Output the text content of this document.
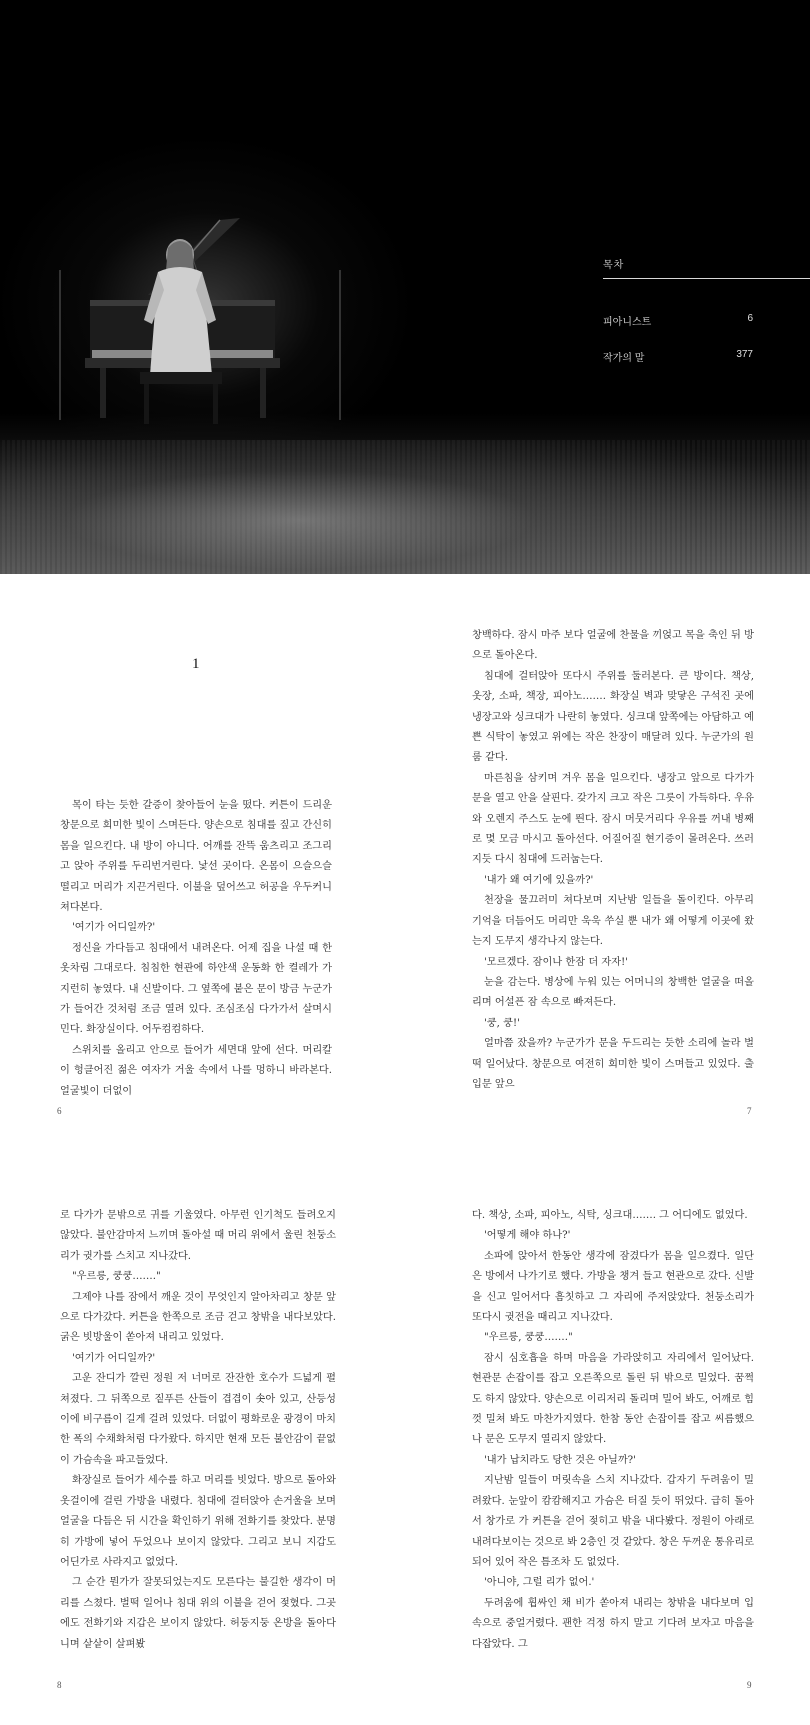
목차
피아니스트	6
작가의 말	377
1

목이 타는 듯한 갈증이 찾아들어 눈을 떴다. 커튼이 드리운 창문으로 희미한 빛이 스며든다. 양손으로 침대를 짚고 간신히 몸을 일으킨다. 내 방이 아니다. 어깨를 잔뜩 움츠리고 조그리고 앉아 주위를 두리번거린다. 낯선 곳이다. 온몸이 으슬으슬 떨리고 머리가 지끈거린다. 이불을 덮어쓰고 허공을 우두커니 쳐다본다.

'여기가 어디일까?'

정신을 가다듬고 침대에서 내려온다. 어제 집을 나설 때 한 옷차림 그대로다. 침침한 현관에 하얀색 운동화 한 켤레가 가지런히 놓였다. 내 신발이다. 그 옆쪽에 붙은 문이 방금 누군가가 들어간 것처럼 조금 열려 있다. 조심조심 다가가서 살며시 민다. 화장실이다. 어두컴컴하다.

스위치를 올리고 안으로 들어가 세면대 앞에 선다. 머리칼이 헝클어진 젊은 여자가 거울 속에서 나를 멍하니 바라본다. 얼굴빛이 더없이

6

창백하다. 잠시 마주 보다 얼굴에 찬물을 끼얹고 목을 축인 뒤 방으로 돌아온다.

침대에 걸터앉아 또다시 주위를 둘러본다. 큰 방이다. 책상, 옷장, 소파, 책장, 피아노……. 화장실 벽과 맞닿은 구석진 곳에 냉장고와 싱크대가 나란히 놓였다. 싱크대 앞쪽에는 아담하고 예쁜 식탁이 놓였고 위에는 작은 찬장이 매달려 있다. 누군가의 원룸 같다.

마른침을 삼키며 겨우 몸을 일으킨다. 냉장고 앞으로 다가가 문을 열고 안을 살핀다. 갖가지 크고 작은 그릇이 가득하다. 우유와 오렌지 주스도 눈에 띈다. 잠시 머뭇거리다 우유를 꺼내 병째로 몇 모금 마시고 돌아선다. 어질어질 현기증이 몰려온다. 쓰러지듯 다시 침대에 드러눕는다.

'내가 왜 여기에 있을까?'

천장을 물끄러미 쳐다보며 지난밤 일들을 돌이킨다. 아무리 기억을 더듬어도 머리만 욱욱 쑤실 뿐 내가 왜 어떻게 이곳에 왔는지 도무지 생각나지 않는다.

'모르겠다. 잠이나 한잠 더 자자!'

눈을 감는다. 병상에 누워 있는 어머니의 창백한 얼굴을 떠올리며 어설픈 잠 속으로 빠져든다.

'쿵, 쿵!'

얼마쯤 잤을까? 누군가가 문을 두드리는 듯한 소리에 놀라 벌떡 일어났다. 창문으로 여전히 희미한 빛이 스며들고 있었다. 출입문 앞으

7

로 다가가 문밖으로 귀를 기울였다. 아무런 인기척도 들려오지 않았다. 불안감마저 느끼며 돌아설 때 머리 위에서 울린 천둥소리가 귓가를 스치고 지나갔다.

"우르릉, 쿵쿵……."

그제야 나를 잠에서 깨운 것이 무엇인지 알아차리고 창문 앞으로 다가갔다. 커튼을 한쪽으로 조금 걷고 창밖을 내다보았다. 굵은 빗방울이 쏟아져 내리고 있었다.

'여기가 어디일까?'

고운 잔디가 깔린 정원 저 너머로 잔잔한 호수가 드넓게 펼쳐졌다. 그 뒤쪽으로 짙푸른 산들이 겹겹이 솟아 있고, 산등성이에 비구름이 길게 걸려 있었다. 더없이 평화로운 광경이 마치 한 폭의 수채화처럼 다가왔다. 하지만 현재 모든 불안감이 끝없이 가슴속을 파고들었다.

화장실로 들어가 세수를 하고 머리를 빗었다. 방으로 돌아와 옷걸이에 걸린 가방을 내렸다. 침대에 걸터앉아 손거울을 보며 얼굴을 다듬은 뒤 시간을 확인하기 위해 전화기를 찾았다. 분명히 가방에 넣어 두었으나 보이지 않았다. 그리고 보니 지갑도 어딘가로 사라지고 없었다.

그 순간 뭔가가 잘못되었는지도 모른다는 불길한 생각이 머리를 스쳤다. 벌떡 일어나 침대 위의 이불을 걷어 젖혔다. 그곳에도 전화기와 지갑은 보이지 않았다. 허둥지둥 온방을 돌아다니며 샅샅이 살펴봤

8

다. 책상, 소파, 피아노, 식탁, 싱크대……. 그 어디에도 없었다.

'어떻게 해야 하나?'

소파에 앉아서 한동안 생각에 잠겼다가 몸을 일으켰다. 일단은 방에서 나가기로 했다. 가방을 챙겨 들고 현관으로 갔다. 신발을 신고 일어서다 흠칫하고 그 자리에 주저앉았다. 천둥소리가 또다시 귓전을 때리고 지나갔다.

"우르릉, 쿵쿵……."

잠시 심호흡을 하며 마음을 가라앉히고 자리에서 일어났다. 현관문 손잡이를 잡고 오른쪽으로 돌린 뒤 밖으로 밀었다. 꿈쩍도 하지 않았다. 양손으로 이리저리 돌리며 밀어 봐도, 어깨로 힘껏 밀쳐 봐도 마찬가지였다. 한참 동안 손잡이를 잡고 씨름했으나 문은 도무지 열리지 않았다.

'내가 납치라도 당한 것은 아닐까?'

지난밤 일들이 머릿속을 스치 지나갔다. 갑자기 두려움이 밀려왔다. 눈앞이 캄캄해지고 가슴은 터질 듯이 뛰었다. 급히 돌아서 창가로 가 커튼을 걷어 젖히고 밖을 내다봤다. 정원이 아래로 내려다보이는 것으로 봐 2층인 것 같았다. 창은 두꺼운 통유리로 되어 있어 작은 틈조차 도 없었다.

'아니야, 그럴 리가 없어.'

두려움에 휩싸인 채 비가 쏟아져 내리는 창밖을 내다보며 입속으로 중얼거렸다. 괜한 걱정 하지 말고 기다려 보자고 마음을 다잡았다. 그

9
